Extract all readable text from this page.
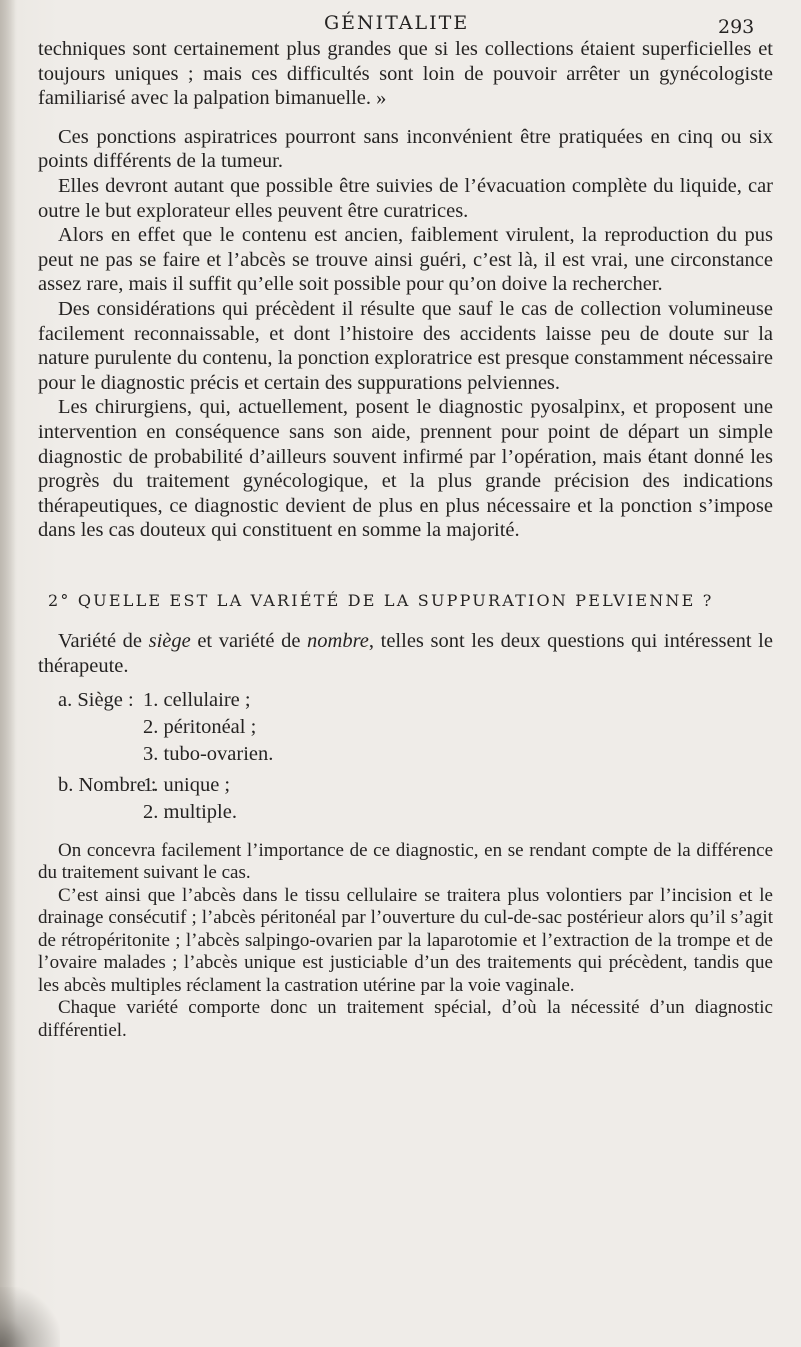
GÉNITALITE	293

techniques sont certainement plus grandes que si les collections étaient superficielles et toujours uniques ; mais ces difficultés sont loin de pouvoir arrêter un gynécologiste familiarisé avec la palpation bimanuelle. »

Ces ponctions aspiratrices pourront sans inconvénient être pratiquées en cinq ou six points différents de la tumeur.

Elles devront autant que possible être suivies de l’évacuation complète du liquide, car outre le but explorateur elles peuvent être curatrices.

Alors en effet que le contenu est ancien, faiblement virulent, la reproduction du pus peut ne pas se faire et l’abcès se trouve ainsi guéri, c’est là, il est vrai, une circonstance assez rare, mais il suffit qu’elle soit possible pour qu’on doive la rechercher.

Des considérations qui précèdent il résulte que sauf le cas de collection volumineuse facilement reconnaissable, et dont l’histoire des accidents laisse peu de doute sur la nature purulente du contenu, la ponction exploratrice est presque constamment nécessaire pour le diagnostic précis et certain des suppurations pelviennes.

Les chirurgiens, qui, actuellement, posent le diagnostic pyosalpinx, et proposent une intervention en conséquence sans son aide, prennent pour point de départ un simple diagnostic de probabilité d’ailleurs souvent infirmé par l’opération, mais étant donné les progrès du traitement gynécologique, et la plus grande précision des indications thérapeutiques, ce diagnostic devient de plus en plus nécessaire et la ponction s’impose dans les cas douteux qui constituent en somme la majorité.

2° QUELLE EST LA VARIÉTÉ DE LA SUPPURATION PELVIENNE ?

Variété de siège et variété de nombre, telles sont les deux questions qui intéressent le thérapeute.

a. Siège : 1. cellulaire ;
2. péritonéal ;
3. tubo-ovarien.
b. Nombre :
1. unique ;
2. multiple.

On concevra facilement l’importance de ce diagnostic, en se rendant compte de la différence du traitement suivant le cas.

C’est ainsi que l’abcès dans le tissu cellulaire se traitera plus volontiers par l’incision et le drainage consécutif ; l’abcès péritonéal par l’ouverture du cul-de-sac postérieur alors qu’il s’agit de rétropéritonite ; l’abcès salpingo-ovarien par la laparotomie et l’extraction de la trompe et de l’ovaire malades ; l’abcès unique est justiciable d’un des traitements qui précèdent, tandis que les abcès multiples réclament la castration utérine par la voie vaginale.

Chaque variété comporte donc un traitement spécial, d’où la nécessité d’un diagnostic différentiel.
